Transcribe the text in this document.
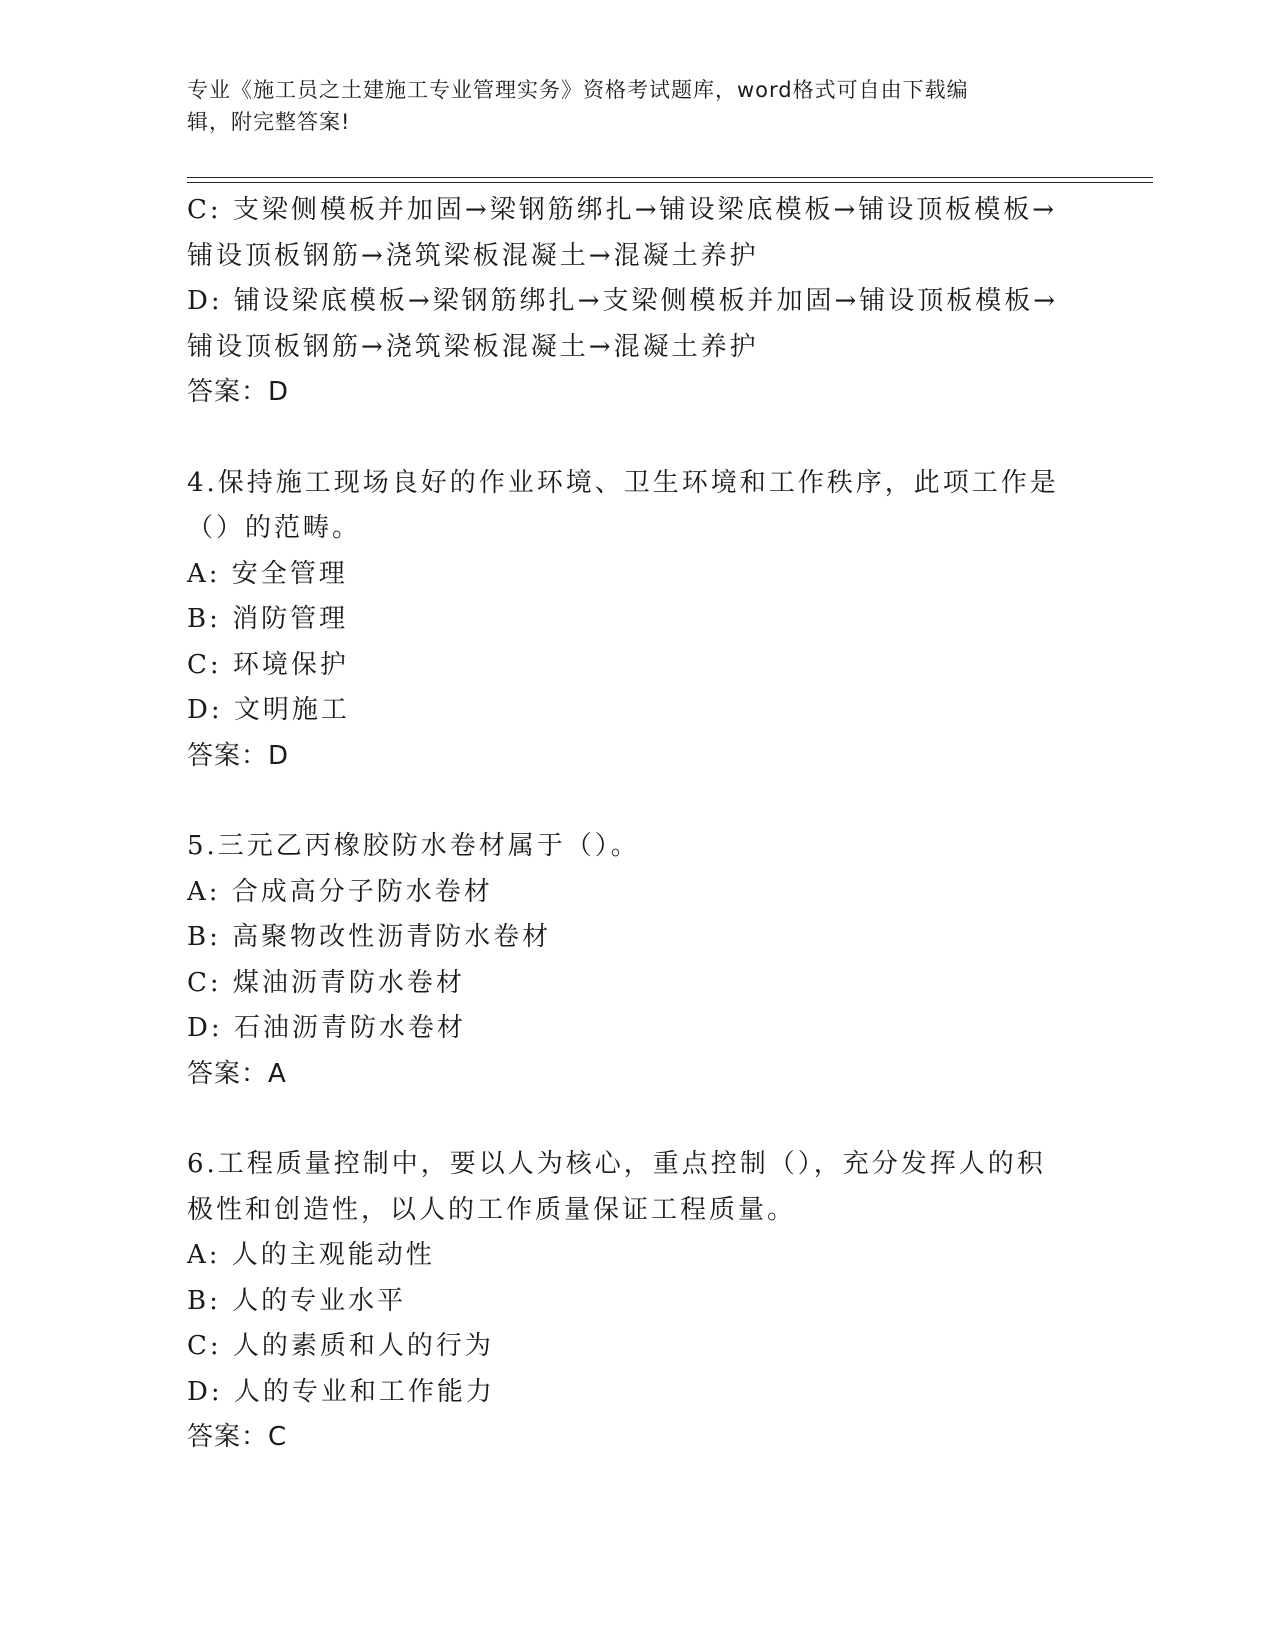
专业《施工员之土建施工专业管理实务》资格考试题库，word格式可自由下载编
辑，附完整答案!
C: 支梁侧模板并加固→梁钢筋绑扎→铺设梁底模板→铺设顶板模板→
铺设顶板钢筋→浇筑梁板混凝土→混凝土养护
D: 铺设梁底模板→梁钢筋绑扎→支梁侧模板并加固→铺设顶板模板→
铺设顶板钢筋→浇筑梁板混凝土→混凝土养护
答案：D
4.保持施工现场良好的作业环境、卫生环境和工作秩序，此项工作是
（）的范畴。
A: 安全管理
B: 消防管理
C: 环境保护
D: 文明施工
答案：D
5.三元乙丙橡胶防水卷材属于（）。
A: 合成高分子防水卷材
B: 高聚物改性沥青防水卷材
C: 煤油沥青防水卷材
D: 石油沥青防水卷材
答案：A
6.工程质量控制中，要以人为核心，重点控制（），充分发挥人的积
极性和创造性，以人的工作质量保证工程质量。
A: 人的主观能动性
B: 人的专业水平
C: 人的素质和人的行为
D: 人的专业和工作能力
答案：C
